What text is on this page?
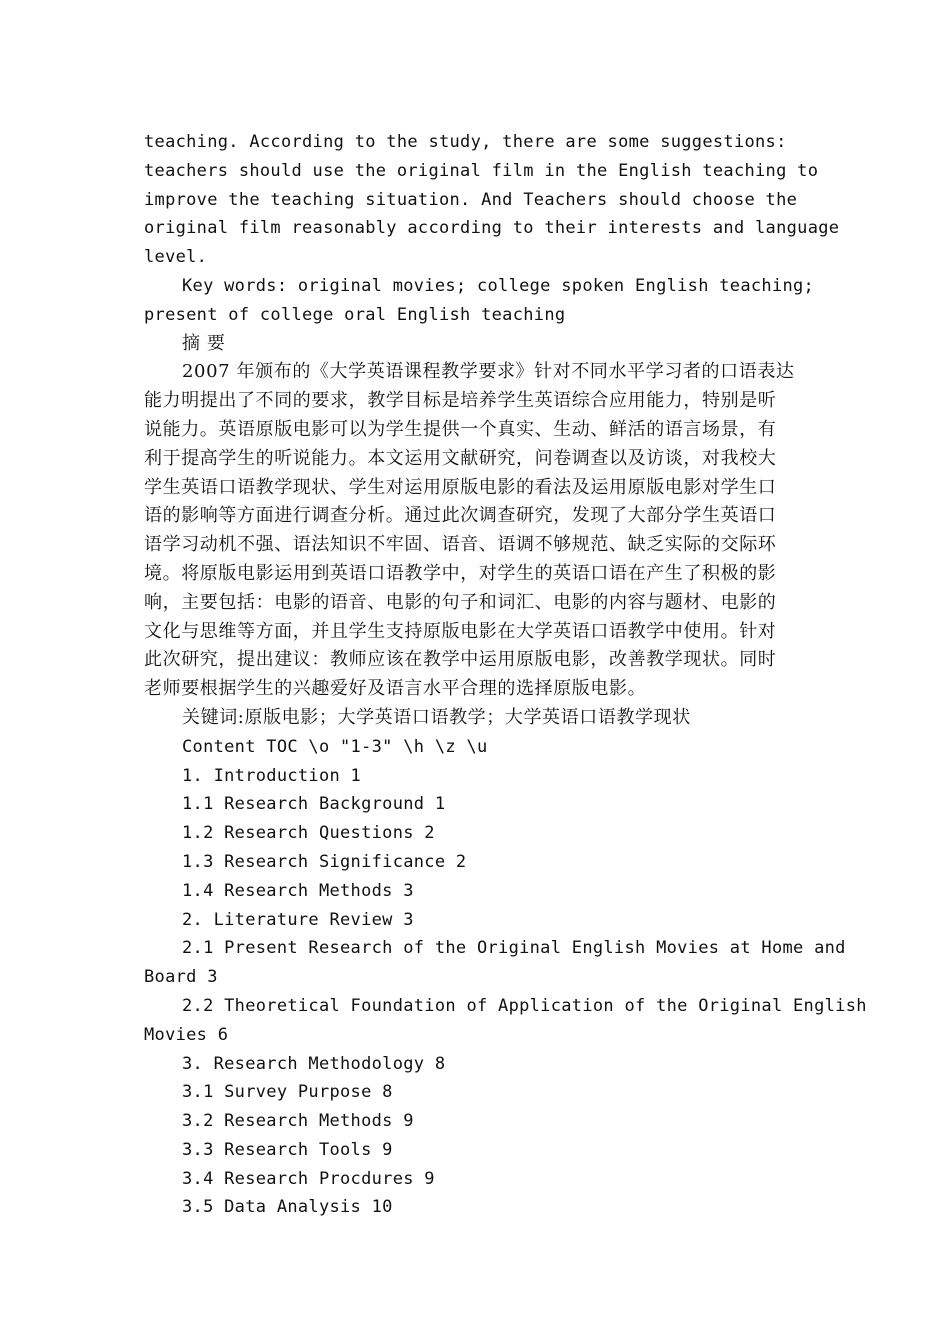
teaching. According to the study, there are some suggestions:
teachers should use the original film in the English teaching to
improve the teaching situation. And Teachers should choose the
original film reasonably according to their interests and language
level.
Key words: original movies; college spoken English teaching;
present of college oral English teaching
摘 要
2007 年颁布的《大学英语课程教学要求》针对不同水平学习者的口语表达
能力明提出了不同的要求，教学目标是培养学生英语综合应用能力，特别是听
说能力。英语原版电影可以为学生提供一个真实、生动、鲜活的语言场景，有
利于提高学生的听说能力。本文运用文献研究，问卷调查以及访谈，对我校大
学生英语口语教学现状、学生对运用原版电影的看法及运用原版电影对学生口
语的影响等方面进行调查分析。通过此次调查研究，发现了大部分学生英语口
语学习动机不强、语法知识不牢固、语音、语调不够规范、缺乏实际的交际环
境。将原版电影运用到英语口语教学中，对学生的英语口语在产生了积极的影
响，主要包括：电影的语音、电影的句子和词汇、电影的内容与题材、电影的
文化与思维等方面，并且学生支持原版电影在大学英语口语教学中使用。针对
此次研究，提出建议：教师应该在教学中运用原版电影，改善教学现状。同时
老师要根据学生的兴趣爱好及语言水平合理的选择原版电影。
关键词:原版电影；大学英语口语教学；大学英语口语教学现状
Content TOC \o "1-3" \h \z \u
1. Introduction 1
1.1 Research Background 1
1.2 Research Questions 2
1.3 Research Significance 2
1.4 Research Methods 3
2. Literature Review 3
2.1 Present Research of the Original English Movies at Home and
Board 3
2.2 Theoretical Foundation of Application of the Original English
Movies 6
3. Research Methodology 8
3.1 Survey Purpose 8
3.2 Research Methods 9
3.3 Research Tools 9
3.4 Research Procdures 9
3.5 Data Analysis 10
